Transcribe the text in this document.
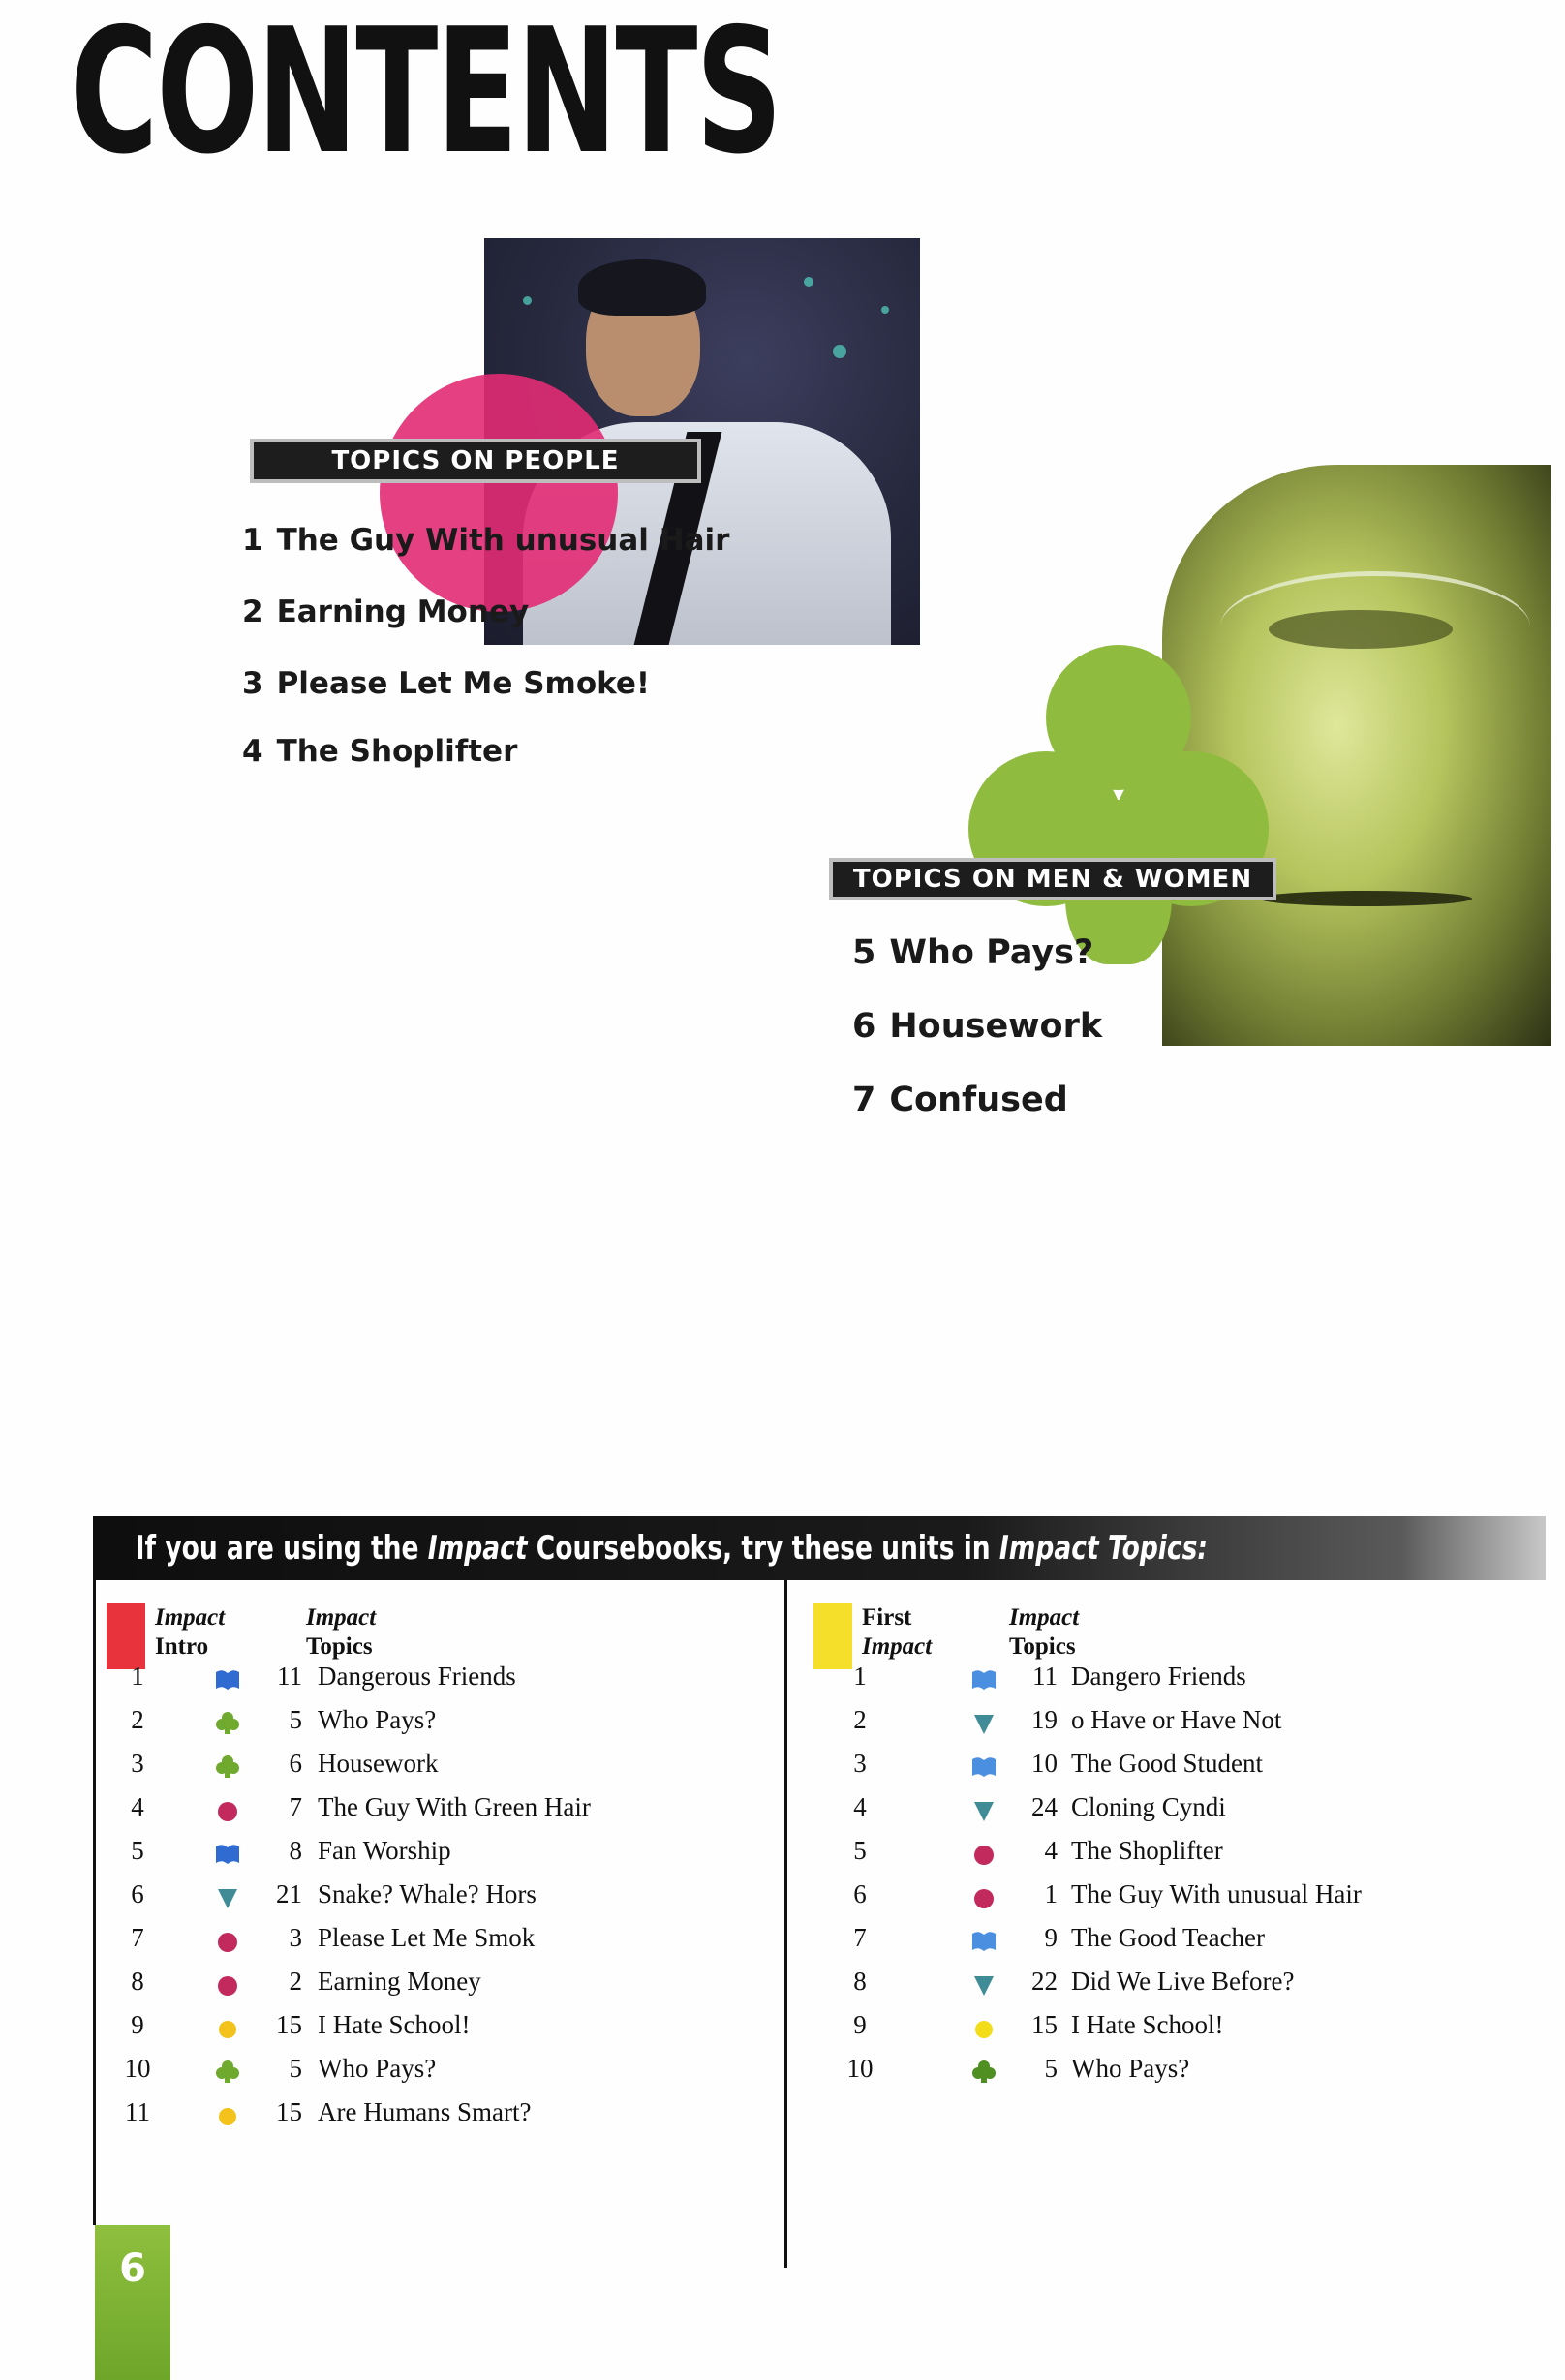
CONTENTS
TOPICS ON PEOPLE
1 The Guy With unusual Hair
2 Earning Money
3 Please Let Me Smoke!
4 The Shoplifter
TOPICS ON MEN & WOMEN
5 Who Pays?
6 Housework
7 Confused
If you are using the Impact Coursebooks, try these units in Impact Topics:
Impact
Intro
Impact
Topics
First
Impact
Impact
Topics
1	11 Dangerous Friends
2	5 Who Pays?
3	6 Housework
4	7 The Guy With Green Hair
5	8 Fan Worship
6	21 Snake? Whale? Hors
7	3 Please Let Me Smok
8	2 Earning Money
9	15 I Hate School!
10	5 Who Pays?
11	15 Are Humans Smart?
1	11 Dangero Friends
2	19 o Have or Have Not
3	10 The Good Student
4	24 Cloning Cyndi
5	4 The Shoplifter
6	1 The Guy With unusual Hair
7	9 The Good Teacher
8	22 Did We Live Before?
9	15 I Hate School!
10	5 Who Pays?
6
